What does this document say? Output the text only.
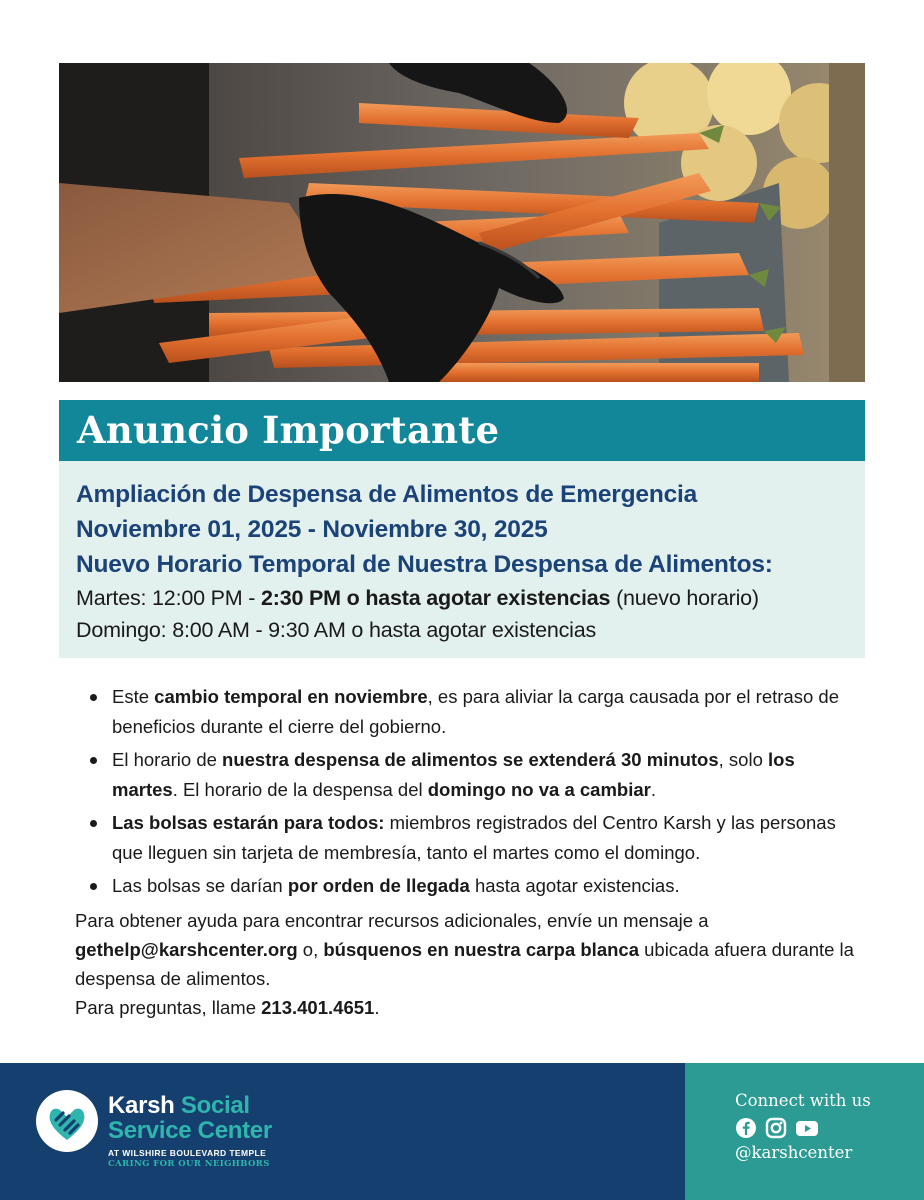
Anuncio Importante

Ampliación de Despensa de Alimentos de Emergencia

Noviembre 01, 2025 - Noviembre 30, 2025

Nuevo Horario Temporal de Nuestra Despensa de Alimentos:

Martes: 12:00 PM - 2:30 PM o hasta agotar existencias (nuevo horario)

Domingo: 8:00 AM - 9:30 AM o hasta agotar existencias

Este cambio temporal en noviembre, es para aliviar la carga causada por el retraso de beneficios durante el cierre del gobierno.
El horario de nuestra despensa de alimentos se extenderá 30 minutos, solo los martes. El horario de la despensa del domingo no va a cambiar.
Las bolsas estarán para todos: miembros registrados del Centro Karsh y las personas que lleguen sin tarjeta de membresía, tanto el martes como el domingo.
Las bolsas se darían por orden de llegada hasta agotar existencias.

Para obtener ayuda para encontrar recursos adicionales, envíe un mensaje a gethelp@karshcenter.org o, búsquenos en nuestra carpa blanca ubicada afuera durante la despensa de alimentos.

Para preguntas, llame 213.401.4651.

Karsh Social
Service Center
AT WILSHIRE BOULEVARD TEMPLE
CARING FOR OUR NEIGHBORS
Connect with us
@karshcenter
